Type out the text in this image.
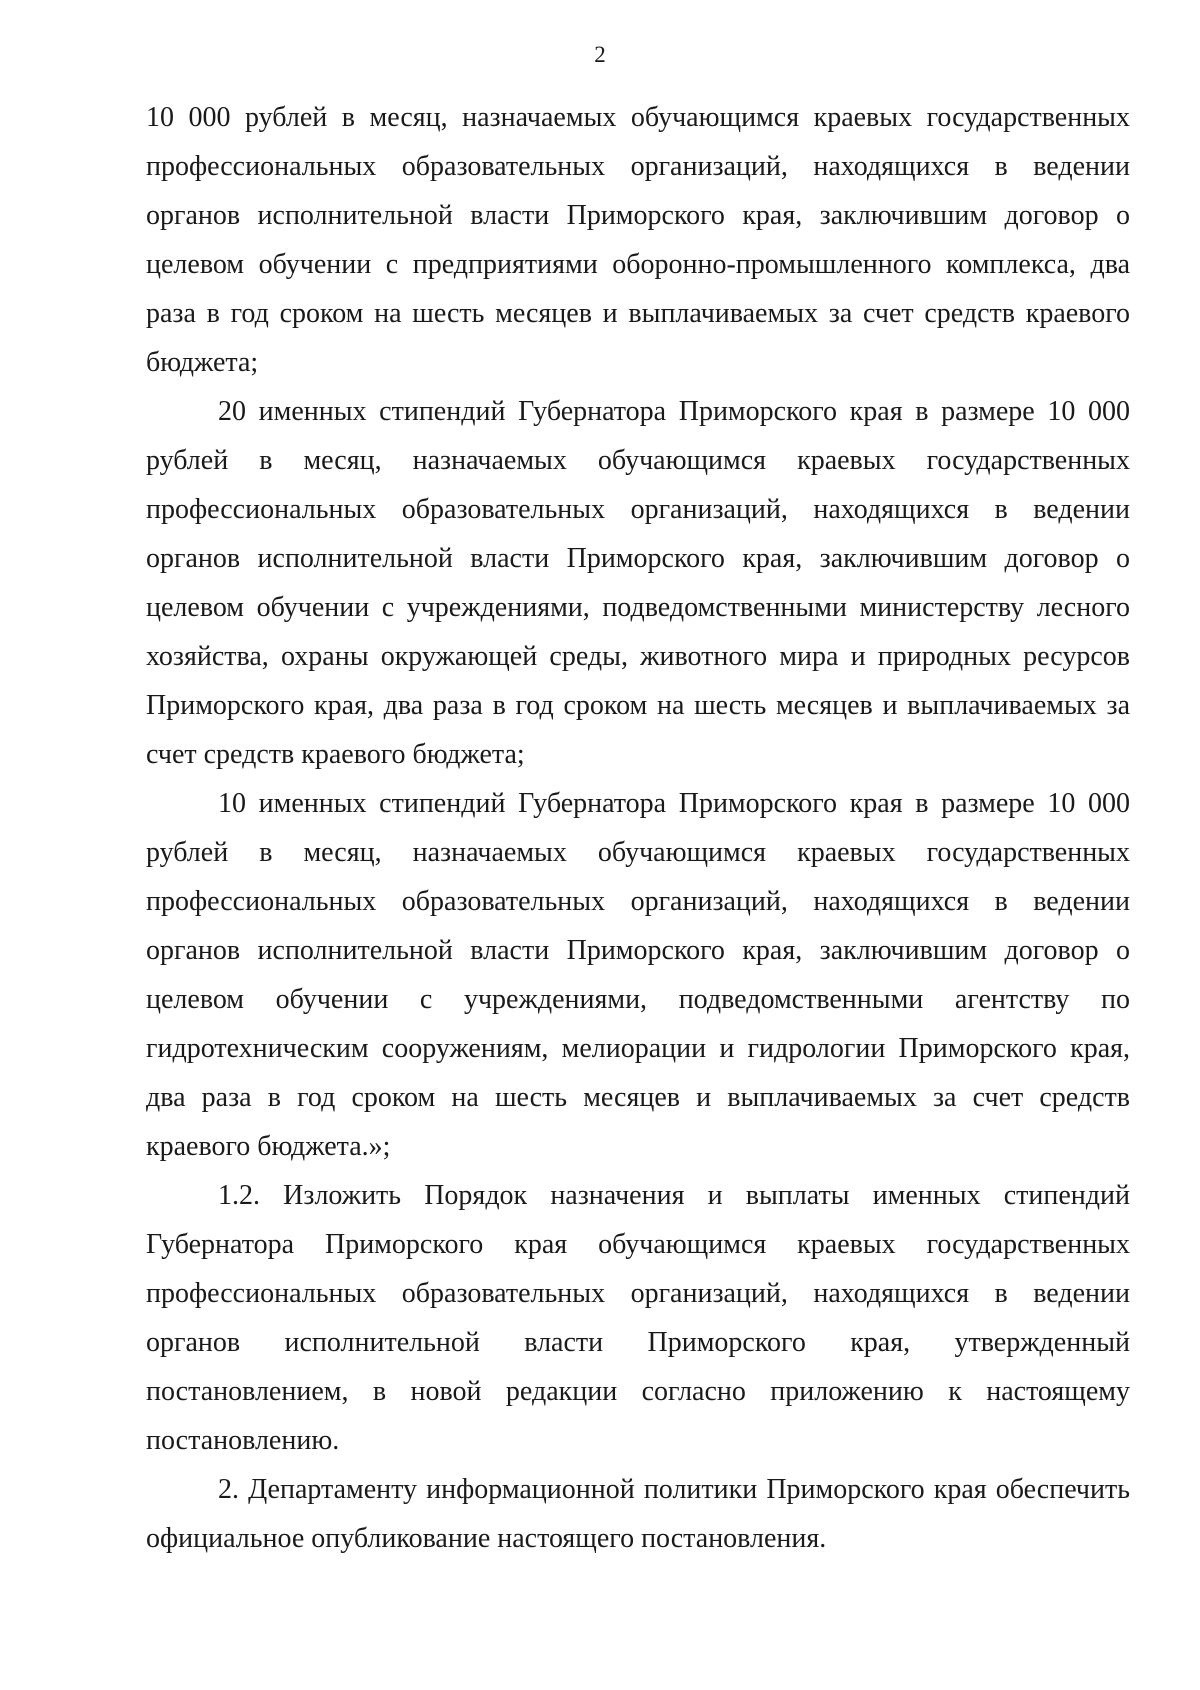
2

10 000 рублей в месяц, назначаемых обучающимся краевых государственных профессиональных образовательных организаций, находящихся в ведении органов исполнительной власти Приморского края, заключившим договор о целевом обучении с предприятиями оборонно-промышленного комплекса, два раза в год сроком на шесть месяцев и выплачиваемых за счет средств краевого бюджета;

20 именных стипендий Губернатора Приморского края в размере 10 000 рублей в месяц, назначаемых обучающимся краевых государственных профессиональных образовательных организаций, находящихся в ведении органов исполнительной власти Приморского края, заключившим договор о целевом обучении с учреждениями, подведомственными министерству лесного хозяйства, охраны окружающей среды, животного мира и природных ресурсов Приморского края, два раза в год сроком на шесть месяцев и выплачиваемых за счет средств краевого бюджета;

10 именных стипендий Губернатора Приморского края в размере 10 000 рублей в месяц, назначаемых обучающимся краевых государственных профессиональных образовательных организаций, находящихся в ведении органов исполнительной власти Приморского края, заключившим договор о целевом обучении с учреждениями, подведомственными агентству по гидротехническим сооружениям, мелиорации и гидрологии Приморского края, два раза в год сроком на шесть месяцев и выплачиваемых за счет средств краевого бюджета.»;

1.2. Изложить Порядок назначения и выплаты именных стипендий Губернатора Приморского края обучающимся краевых государственных профессиональных образовательных организаций, находящихся в ведении органов исполнительной власти Приморского края, утвержденный постановлением, в новой редакции согласно приложению к настоящему постановлению.

2. Департаменту информационной политики Приморского края обеспечить официальное опубликование настоящего постановления.
